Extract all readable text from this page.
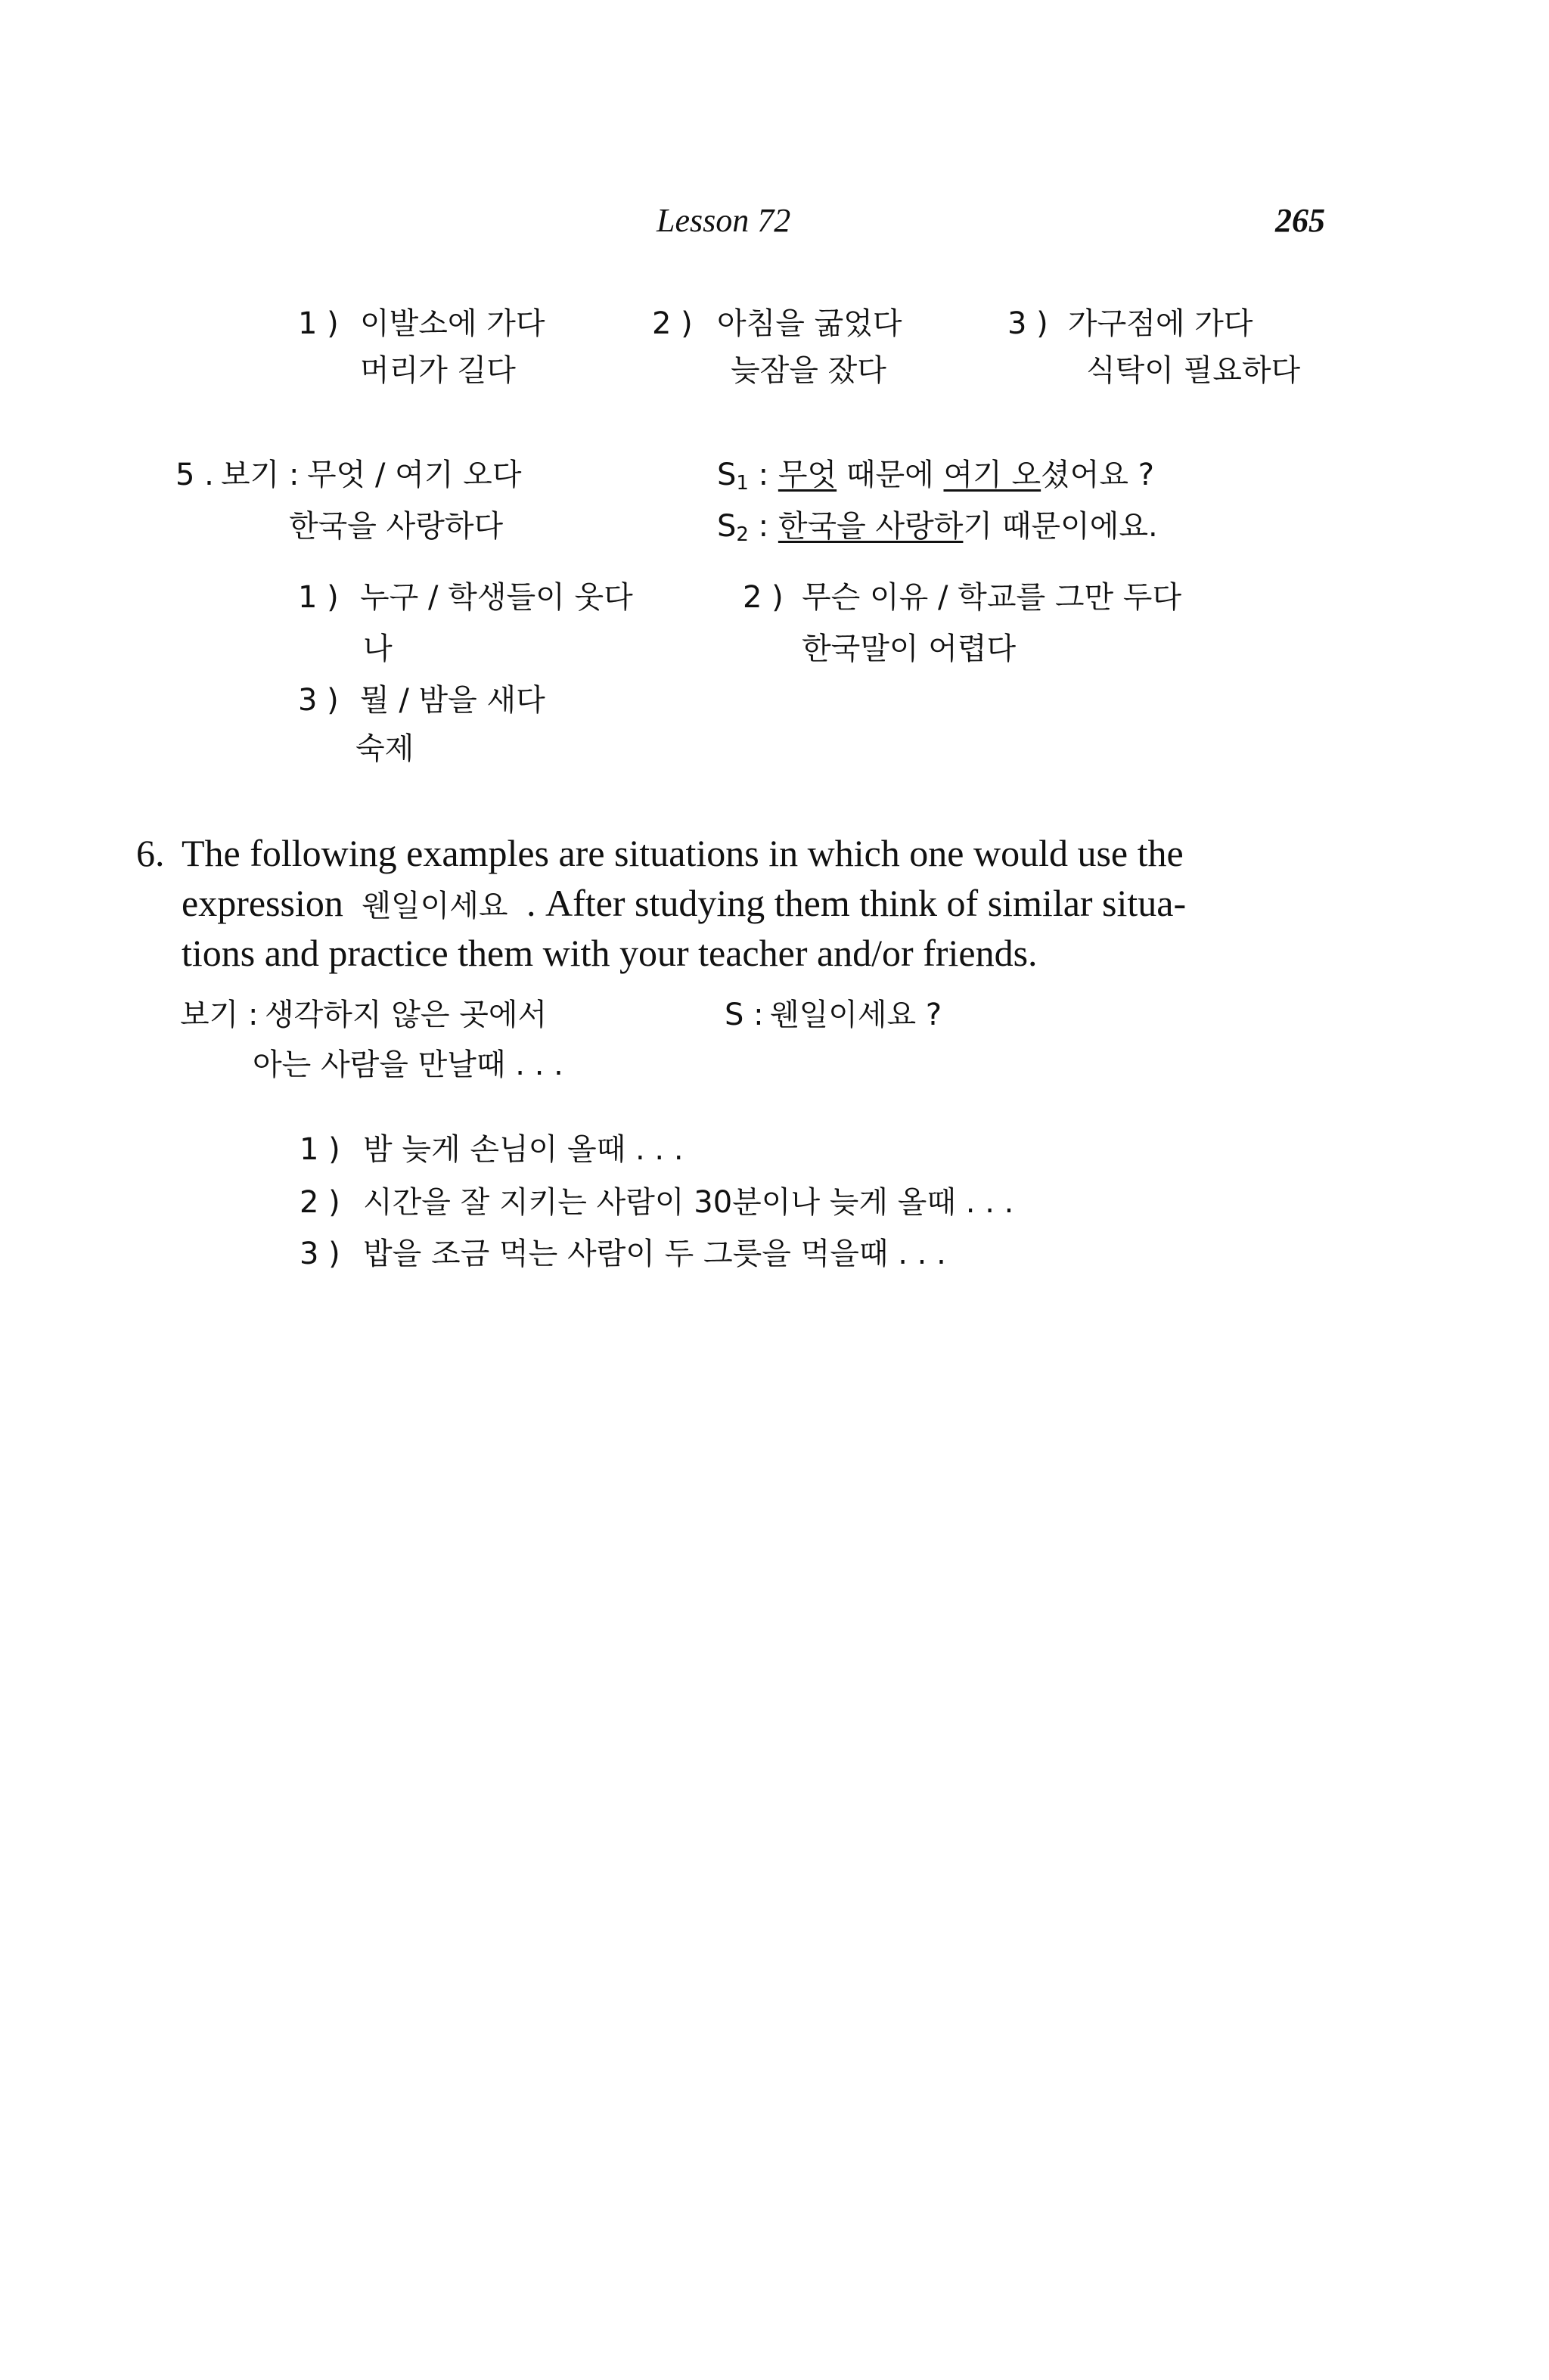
Lesson 72	265
1 ) 이발소에 가다
머리가 길다
2 ) 아침을 굶었다
늦잠을 잤다
3 ) 가구점에 가다
식탁이 필요하다
5 . 보기 : 무엇 / 여기 오다
한국을 사랑하다
$S_1$ : 무엇 때문에 여기 오셨어요 ?
$S_2$ : 한국을 사랑하기 때문이에요.
1 ) 누구 / 학생들이 웃다
나
2 ) 무슨 이유 / 학교를 그만 두다
한국말이 어렵다
3 ) 뭘 / 밤을 새다
숙제
6. The following examples are situations in which one would use the
expression 웬일이세요 . After studying them think of similar situa-
tions and practice them with your teacher and/or friends.
보기 : 생각하지 않은 곳에서
아는 사람을 만날때 . . .
S : 웬일이세요 ?
1 ) 밤 늦게 손님이 올때 . . .
2 ) 시간을 잘 지키는 사람이 30분이나 늦게 올때 . . .
3 ) 밥을 조금 먹는 사람이 두 그릇을 먹을때 . . .
